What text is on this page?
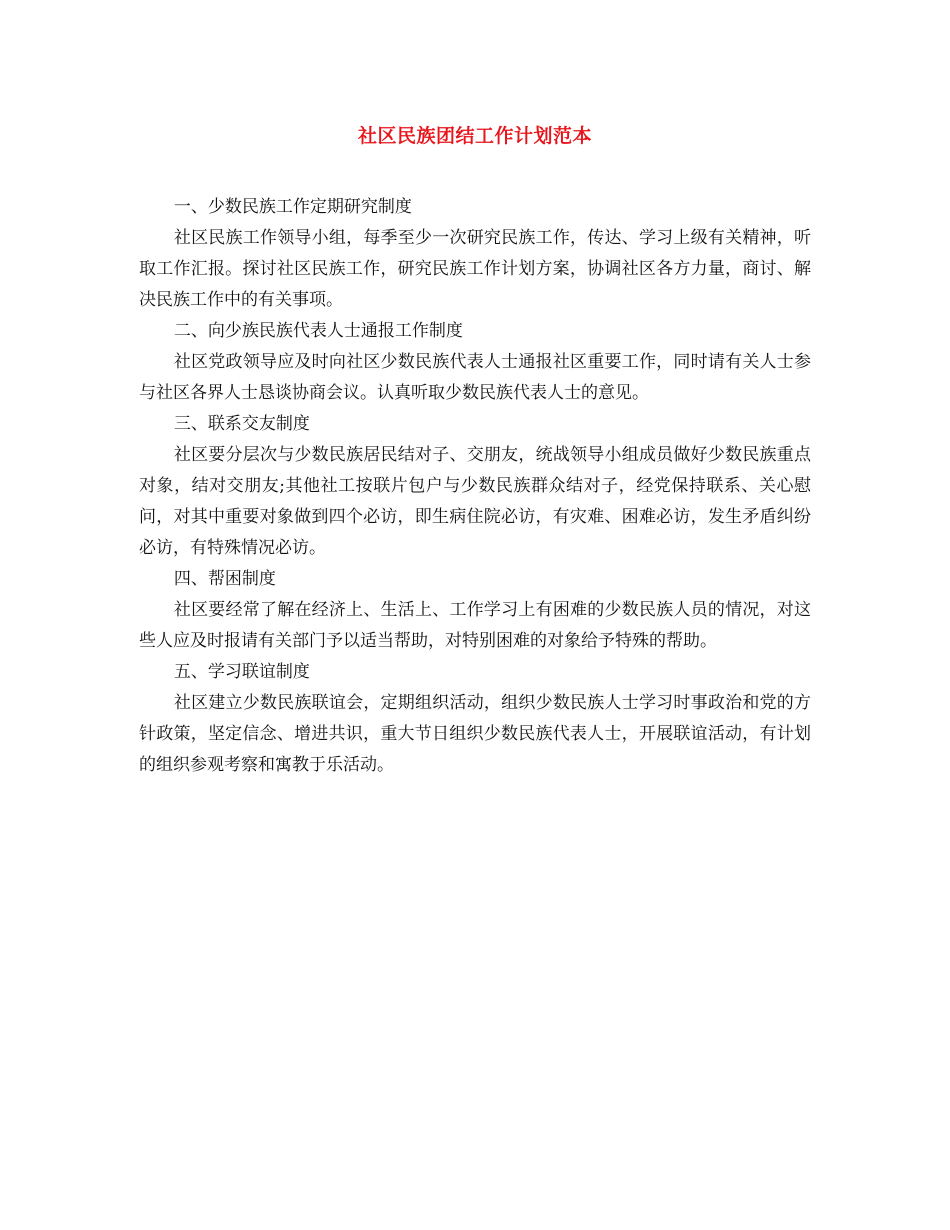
社区民族团结工作计划范本

一、少数民族工作定期研究制度

社区民族工作领导小组，每季至少一次研究民族工作，传达、学习上级有关精神，听取工作汇报。探讨社区民族工作，研究民族工作计划方案，协调社区各方力量，商讨、解决民族工作中的有关事项。

二、向少族民族代表人士通报工作制度

社区党政领导应及时向社区少数民族代表人士通报社区重要工作，同时请有关人士参与社区各界人士恳谈协商会议。认真听取少数民族代表人士的意见。

三、联系交友制度

社区要分层次与少数民族居民结对子、交朋友，统战领导小组成员做好少数民族重点对象，结对交朋友;其他社工按联片包户与少数民族群众结对子，经党保持联系、关心慰问，对其中重要对象做到四个必访，即生病住院必访，有灾难、困难必访，发生矛盾纠纷必访，有特殊情况必访。

四、帮困制度

社区要经常了解在经济上、生活上、工作学习上有困难的少数民族人员的情况，对这些人应及时报请有关部门予以适当帮助，对特别困难的对象给予特殊的帮助。

五、学习联谊制度

社区建立少数民族联谊会，定期组织活动，组织少数民族人士学习时事政治和党的方针政策，坚定信念、增进共识，重大节日组织少数民族代表人士，开展联谊活动，有计划的组织参观考察和寓教于乐活动。
